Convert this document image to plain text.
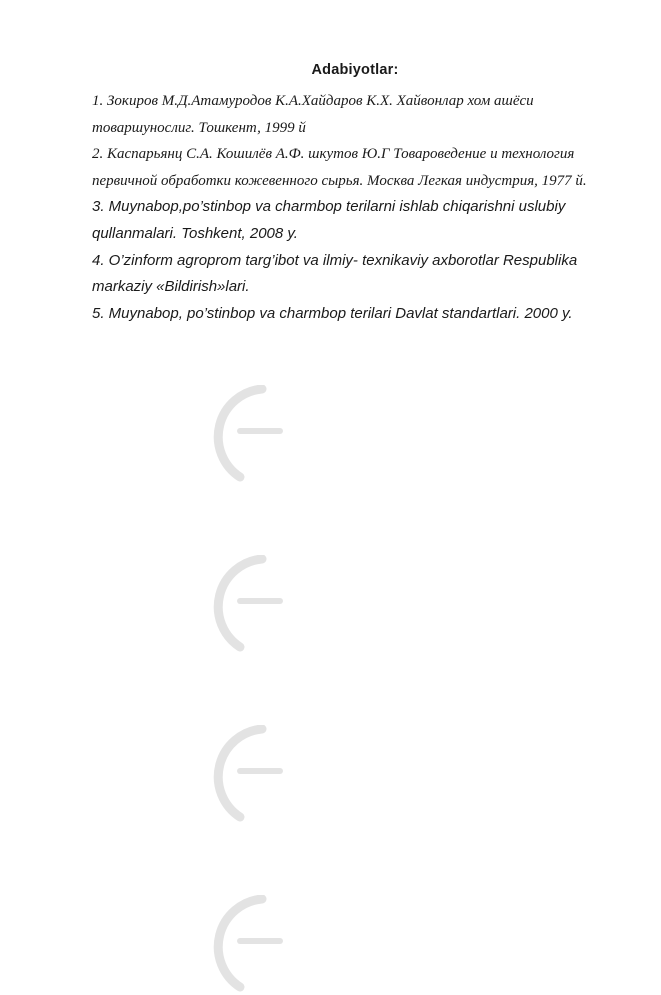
Adabiyotlar:
1. Зокиров М.Д.Атамуродов К.А.Хайдаров К.Х. Хайвонлар хом ашёси
товаршунослиг. Тошкент, 1999 й
2. Каспарьянц С.А. Кошилёв А.Ф. шкутов Ю.Г Товароведение и технология
первичной обработки кожевенного сырья. Москва Легкая индустрия, 1977 й.
3. Muynabop,po’stinbop va charmbop terilarni ishlab chiqarishni uslubiy
qullanmalari. Toshkent, 2008 y.
4. O’zinform agroprom targ’ibot va ilmiy- texnikaviy axborotlar Respublika
markaziy «Bildirish»lari.
5. Muynabop, po’stinbop va charmbop terilari Davlat standartlari. 2000 y.
